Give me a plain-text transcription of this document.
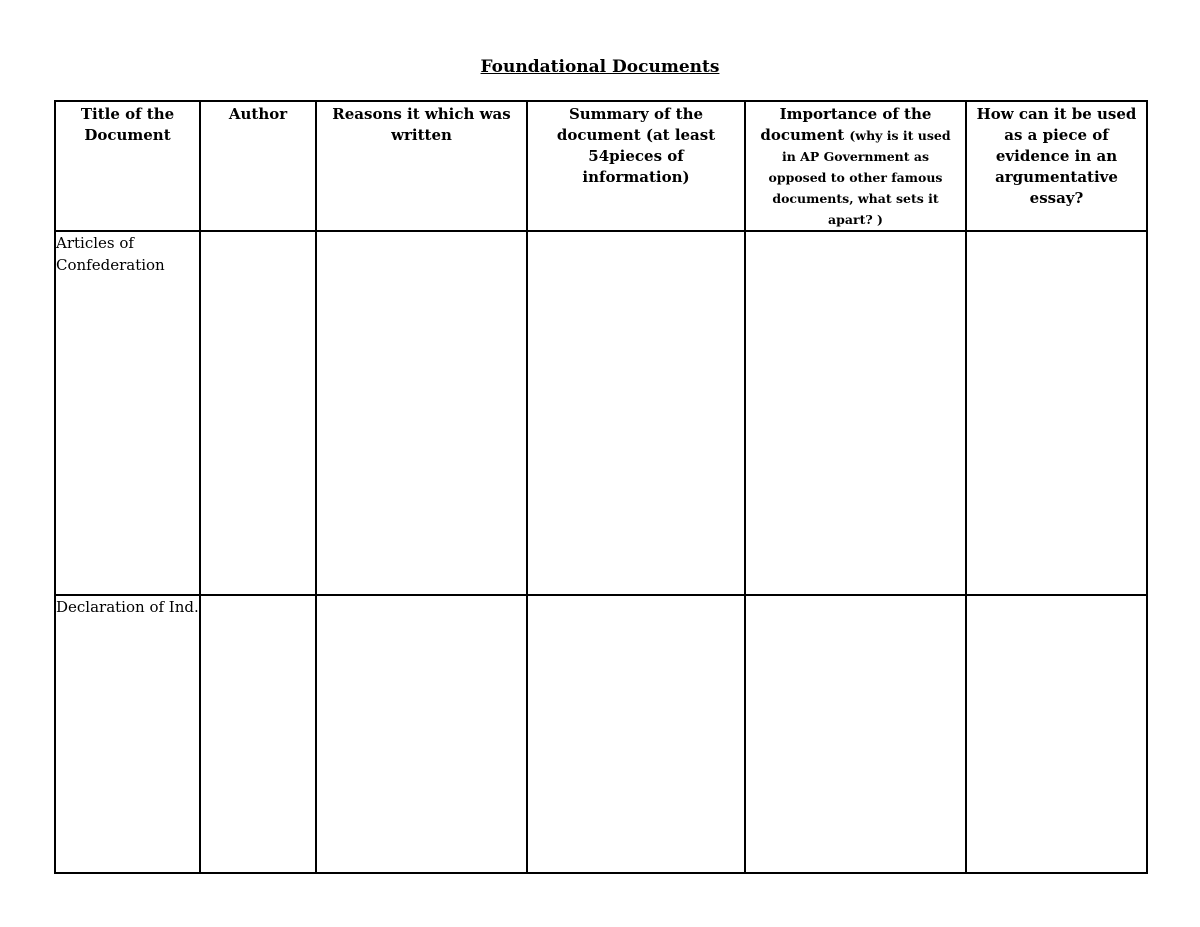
Foundational Documents
Title of the Document	Author	Reasons it which was written	Summary of the document (at least 54pieces of information)	Importance of the document (why is it used in AP Government as opposed to other famous documents, what sets it apart? )	How can it be used as a piece of evidence in an argumentative essay?
Articles of Confederation					
Declaration of Ind.					
